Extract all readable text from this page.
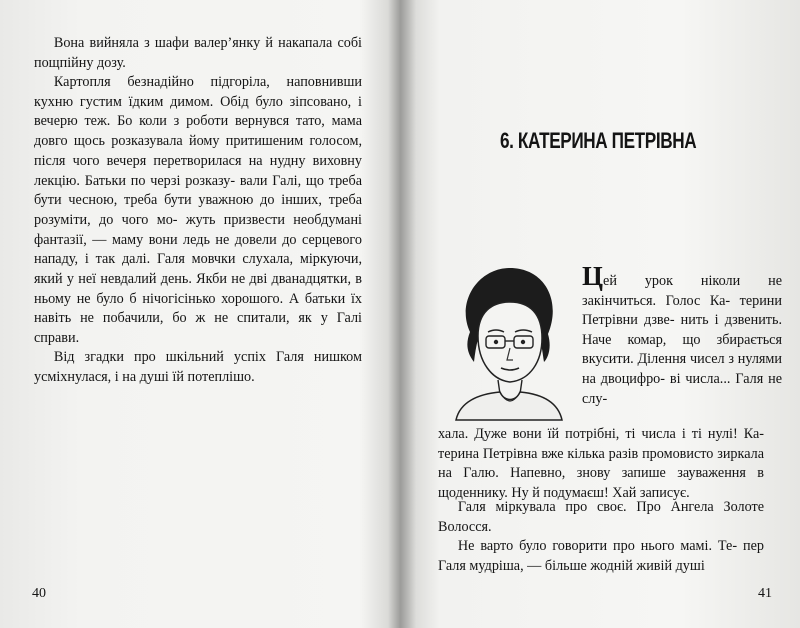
Вона вийняла з шафи валер’янку й накапала собі пощпійну дозу.

Картопля безнадійно підгоріла, наповнивши кухню густим їдким димом. Обід було зіпсовано, і вечерю теж. Бо коли з роботи вернувся тато, мама довго щось розказувала йому притишеним голосом, після чого вечеря перетворилася на нудну виховну лекцію. Батьки по черзі розказу- вали Галі, що треба бути чесною, треба бути уважною до інших, треба розуміти, до чого мо- жуть призвести необдумані фантазії, — маму вони ледь не довели до серцевого нападу, і так далі. Галя мовчки слухала, міркуючи, який у неї невдалий день. Якби не дві дванадцятки, в ньому не було б нічогісінько хорошого. А батьки їх навіть не побачили, бо ж не спитали, як у Галі справи.

Від згадки про шкільний успіх Галя нишком усміхнулася, і на душі їй потеплішо.

40
6. КАТЕРИНА ПЕТРІВНА

Цей урок ніколи не закінчиться. Голос Ка- терини Петрівни дзве- нить і дзвенить. Наче комар, що збирається вкусити. Ділення чисел з нулями на двоцифро- ві числа... Галя не слу-

хала. Дуже вони їй потрібні, ті числа і ті нулі! Ка- терина Петрівна вже кілька разів промовисто зиркала на Галю. Напевно, знову запише зауваження в щоденнику. Ну й подумаєш! Хай записує.

Галя міркувала про своє. Про Ангела Золоте Волосся.

Не варто було говорити про нього мамі. Те- пер Галя мудріша, — більше жодній живій душі

41
